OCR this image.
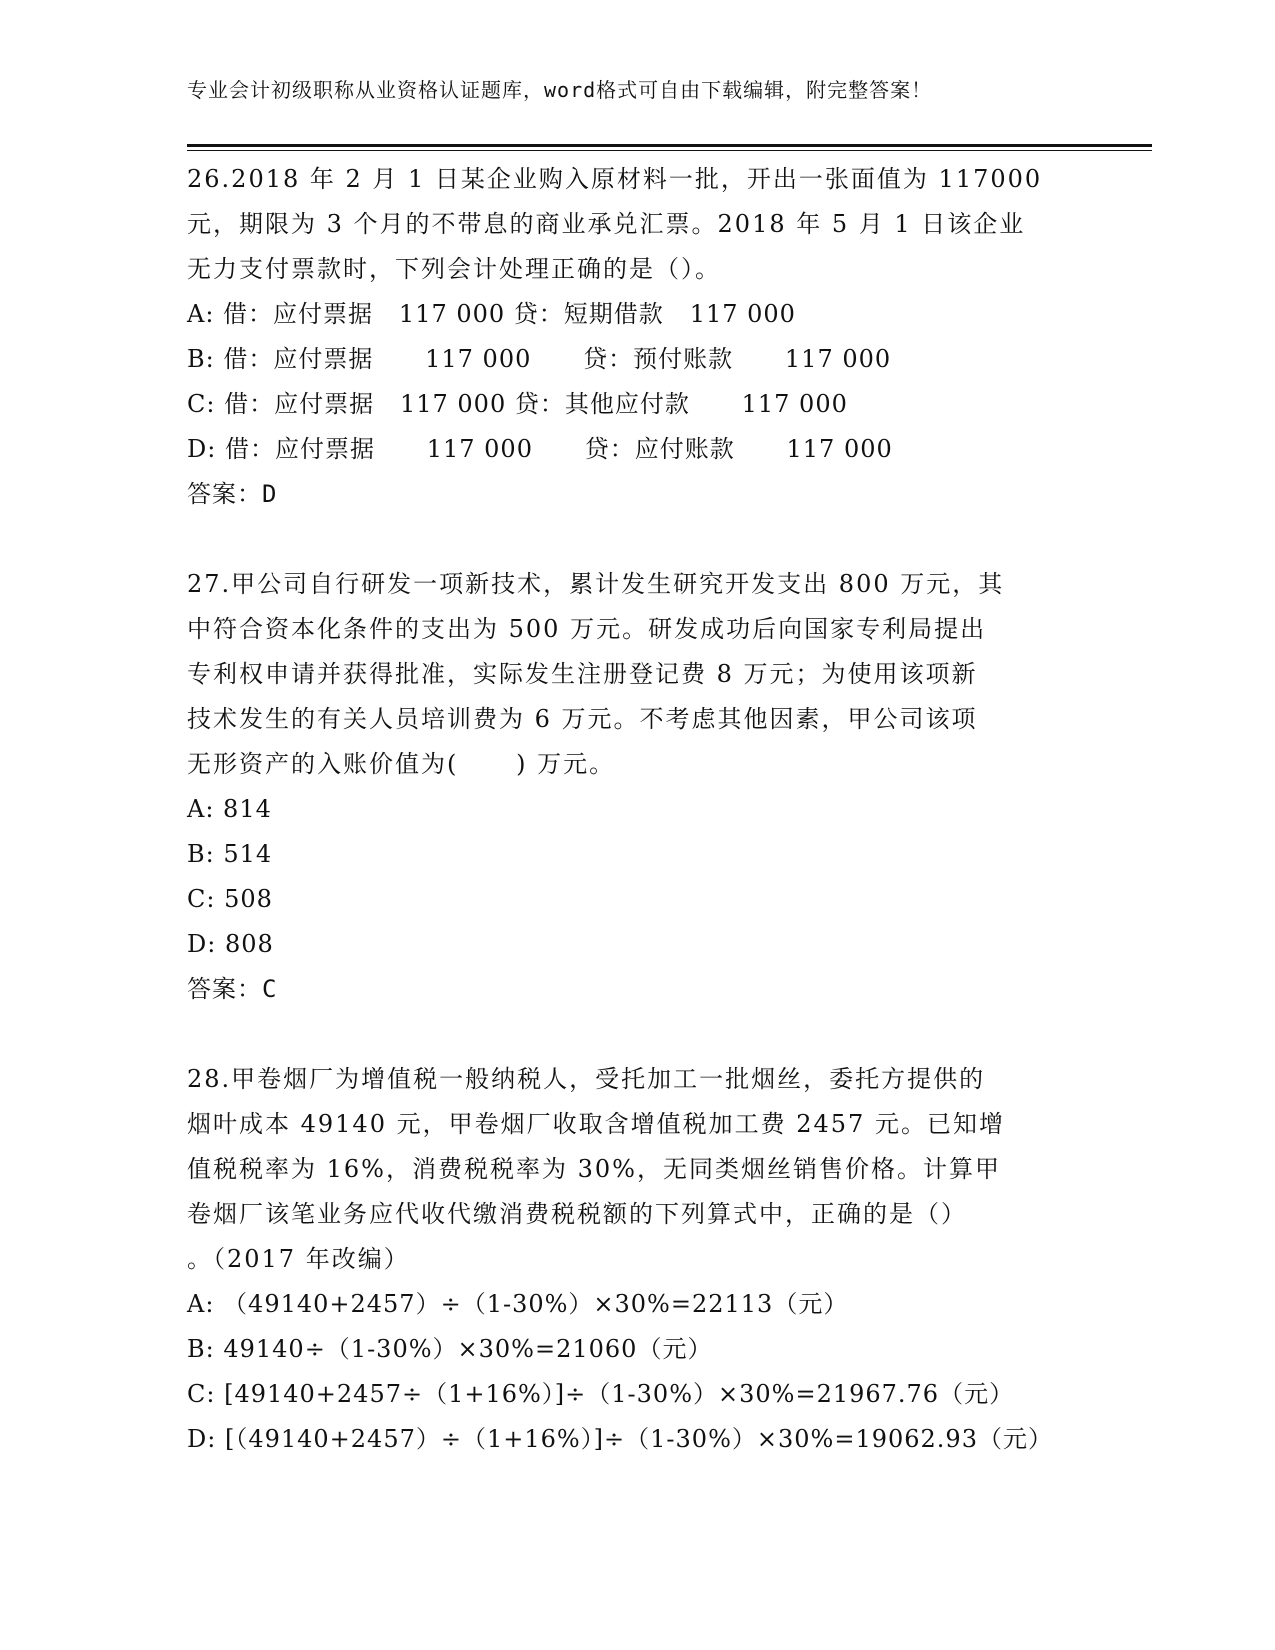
专业会计初级职称从业资格认证题库，word格式可自由下载编辑，附完整答案！

26.2018 年 2 月 1 日某企业购入原材料一批，开出一张面值为 117000
元，期限为 3 个月的不带息的商业承兑汇票。2018 年 5 月 1 日该企业
无力支付票款时，下列会计处理正确的是（）。

A: 借：应付票据   117 000 贷：短期借款   117 000

B: 借：应付票据      117 000      贷：预付账款      117 000

C: 借：应付票据   117 000 贷：其他应付款      117 000

D: 借：应付票据      117 000      贷：应付账款      117 000

答案：D

27.甲公司自行研发一项新技术，累计发生研究开发支出 800 万元，其
中符合资本化条件的支出为 500 万元。研发成功后向国家专利局提出
专利权申请并获得批准，实际发生注册登记费 8 万元；为使用该项新
技术发生的有关人员培训费为 6 万元。不考虑其他因素，甲公司该项
无形资产的入账价值为(      ) 万元。

A: 814

B: 514

C: 508

D: 808

答案：C

28.甲卷烟厂为增值税一般纳税人，受托加工一批烟丝，委托方提供的
烟叶成本 49140 元，甲卷烟厂收取含增值税加工费 2457 元。已知增
值税税率为 16%，消费税税率为 30%，无同类烟丝销售价格。计算甲
卷烟厂该笔业务应代收代缴消费税税额的下列算式中，正确的是（）
。（2017 年改编）

A: （49140+2457）÷（1-30%）×30%=22113（元）

B: 49140÷（1-30%）×30%=21060（元）

C: [49140+2457÷（1+16%）]÷（1-30%）×30%=21967.76（元）

D: [（49140+2457）÷（1+16%）]÷（1-30%）×30%=19062.93（元）
